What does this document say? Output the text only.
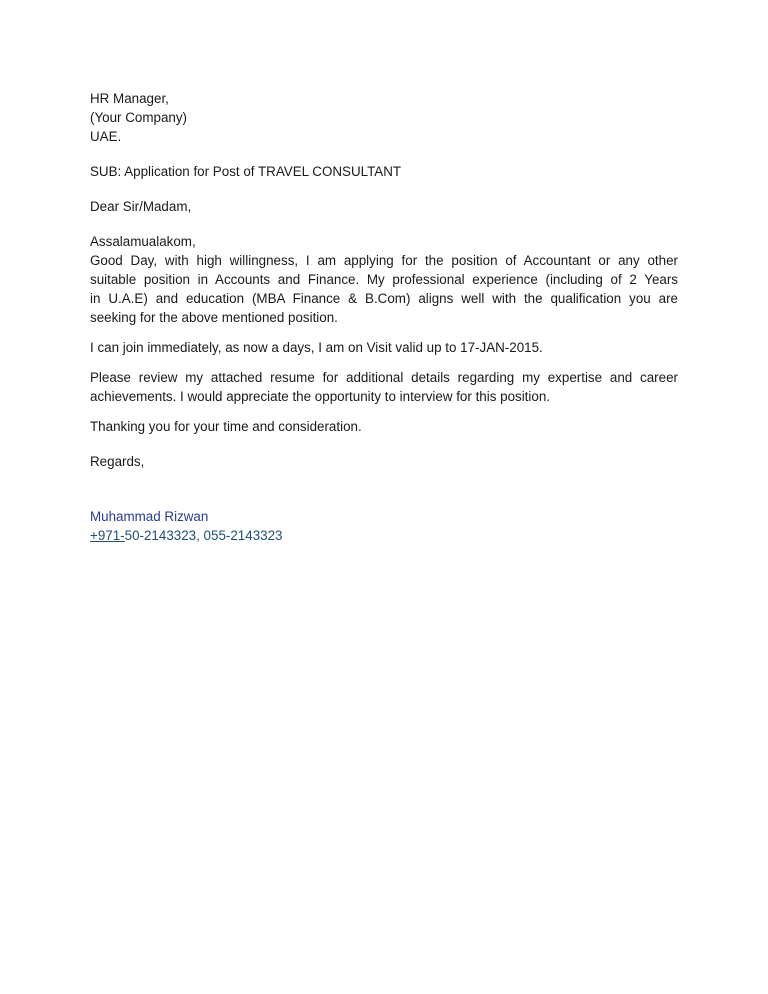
HR Manager,
(Your Company)
UAE.
SUB: Application for Post of TRAVEL CONSULTANT
Dear Sir/Madam,
Assalamualakom,
Good Day, with high willingness, I am applying for the position of Accountant or any other
suitable position in Accounts and Finance. My professional experience (including of 2 Years
in U.A.E) and education (MBA Finance & B.Com) aligns well with the qualification you are
seeking for the above mentioned position.
I can join immediately, as now a days, I am on Visit valid up to 17-JAN-2015.
Please review my attached resume for additional details regarding my expertise and career
achievements. I would appreciate the opportunity to interview for this position.
Thanking you for your time and consideration.
Regards,
Muhammad Rizwan
+971-50-2143323, 055-2143323
